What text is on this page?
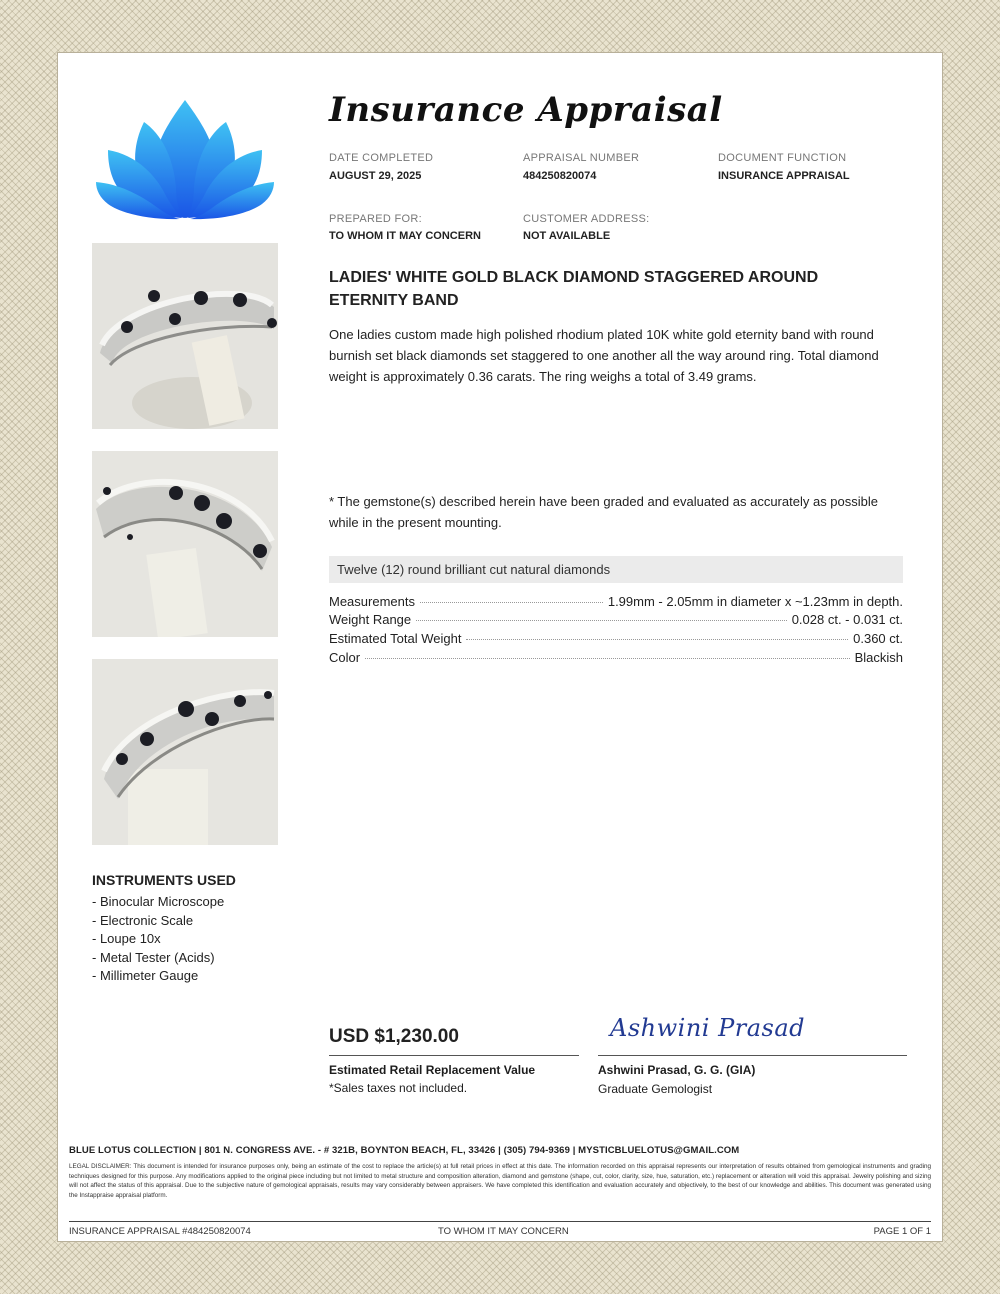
Insurance Appraisal
DATE COMPLETED
AUGUST 29, 2025
APPRAISAL NUMBER
484250820074
DOCUMENT FUNCTION
INSURANCE APPRAISAL
PREPARED FOR:
TO WHOM IT MAY CONCERN
CUSTOMER ADDRESS:
NOT AVAILABLE
LADIES' WHITE GOLD BLACK DIAMOND STAGGERED AROUND ETERNITY BAND
One ladies custom made high polished rhodium plated 10K white gold eternity band with round burnish set black diamonds set staggered to one another all the way around ring. Total diamond weight is approximately 0.36 carats. The ring weighs a total of 3.49 grams.
* The gemstone(s) described herein have been graded and evaluated as accurately as possible while in the present mounting.
Twelve (12) round brilliant cut natural diamonds
Measurements	1.99mm - 2.05mm in diameter x ~1.23mm in depth.
Weight Range	0.028 ct. - 0.031 ct.
Estimated Total Weight	0.360 ct.
Color	Blackish
INSTRUMENTS USED
- Binocular Microscope
- Electronic Scale
- Loupe 10x
- Metal Tester (Acids)
- Millimeter Gauge
USD $1,230.00
Estimated Retail Replacement Value
*Sales taxes not included.
Ashwini Prasad
Ashwini Prasad, G. G. (GIA)
Graduate Gemologist
BLUE LOTUS COLLECTION | 801 N. CONGRESS AVE. - # 321B, BOYNTON BEACH, FL, 33426 | (305) 794-9369 | MYSTICBLUELOTUS@GMAIL.COM
LEGAL DISCLAIMER: This document is intended for insurance purposes only, being an estimate of the cost to replace the article(s) at full retail prices in effect at this date. The information recorded on this appraisal represents our interpretation of results obtained from gemological instruments and grading techniques designed for this purpose. Any modifications applied to the original piece including but not limited to metal structure and composition alteration, diamond and gemstone (shape, cut, color, clarity, size, hue, saturation, etc.) replacement or alteration will void this appraisal. Jewelry polishing and sizing will not affect the status of this appraisal. Due to the subjective nature of gemological appraisals, results may vary considerably between appraisers. We have completed this identification and evaluation accurately and objectively, to the best of our knowledge and abilities. This document was generated using the Instappraise appraisal platform.
INSURANCE APPRAISAL #484250820074	TO WHOM IT MAY CONCERN	PAGE 1 OF 1
